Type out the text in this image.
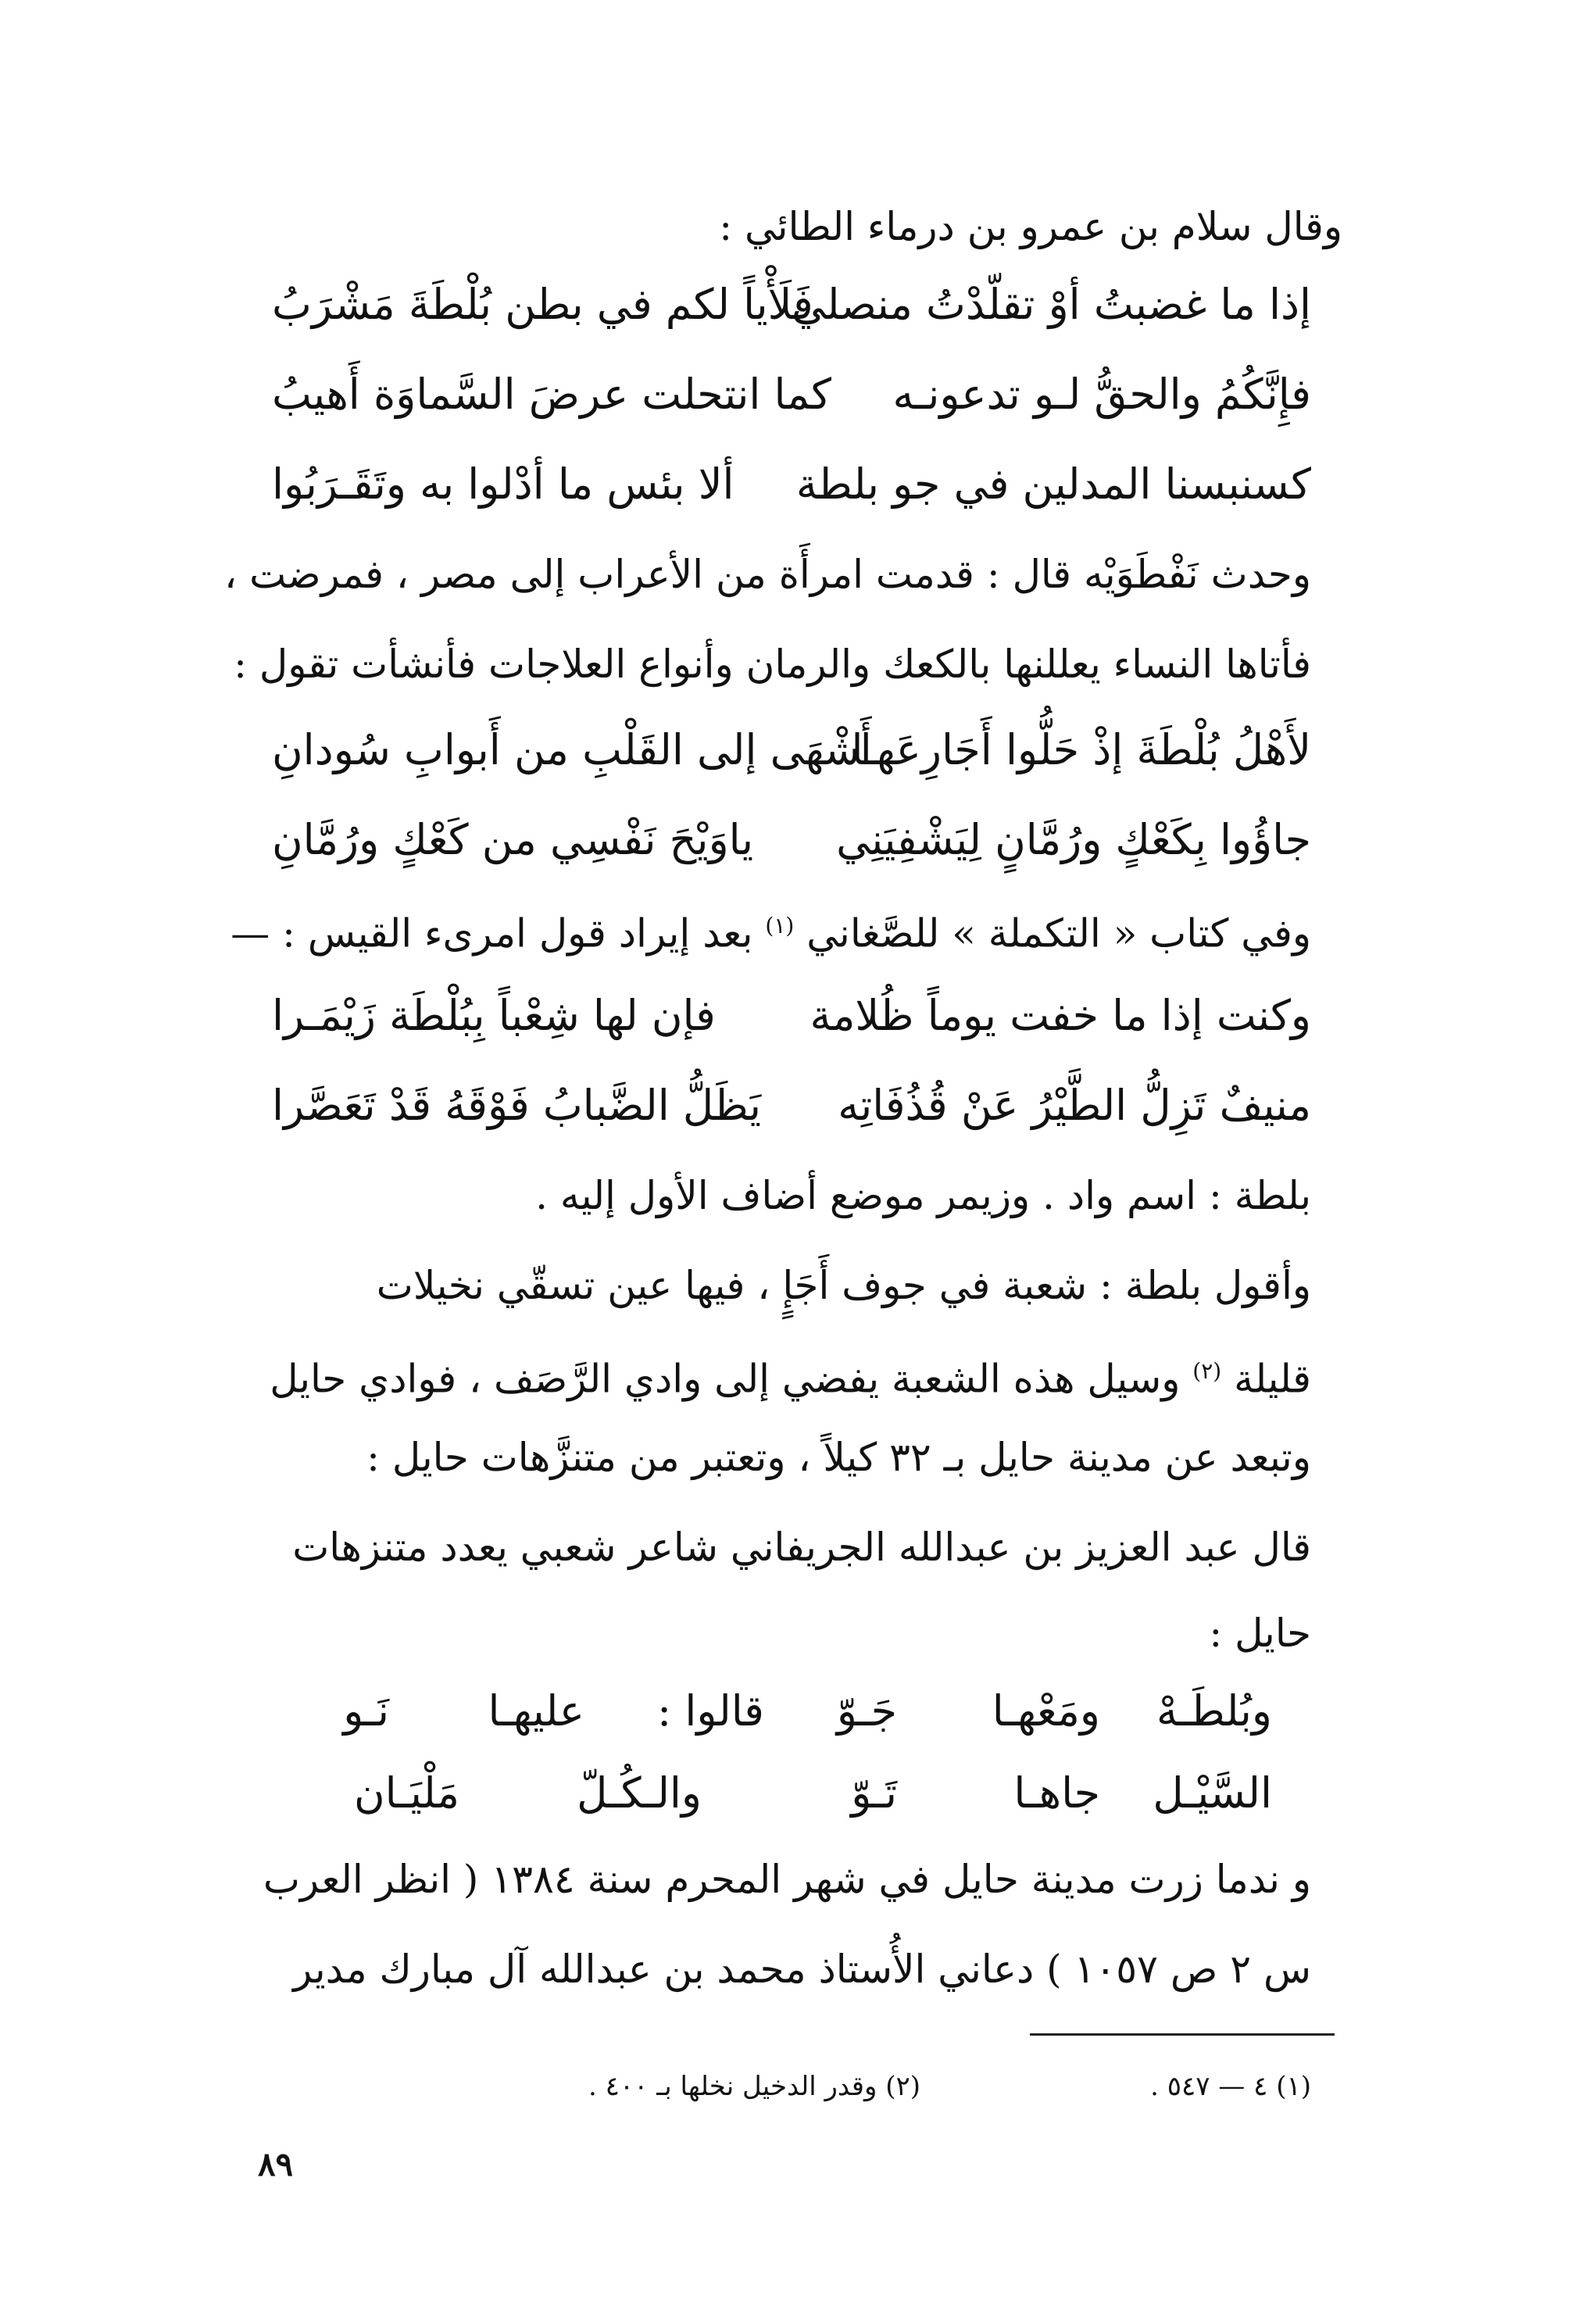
وقال سلام بن عمرو بن درماء الطائي :
إذا ما غضبتُ أوْ تقلّدْتُ منصلي
فَلَأْياً لكم في بطن بُلْطَةَ مَشْرَبُ
فإِنَّكُمُ والحقُّ لـو تدعونـه
كما انتحلت عرضَ السَّماوَة أَهيبُ
كسنبسنا المدلين في جو بلطة
ألا بئس ما أدْلوا به وتَقَـرَبُوا
وحدث نَفْطَوَيْه قال : قدمت امرأَة من الأعراب إلى مصر ، فمرضت ،
فأتاها النساء يعللنها بالكعك والرمان وأنواع العلاجات فأنشأت تقول :
لأَهْلُ بُلْطَةَ إذْ حَلُّوا أَجَارِعَهـا
أَشْهَى إلى القَلْبِ من أَبوابِ سُودانِ
جاؤُوا بِكَعْكٍ ورُمَّانٍ لِيَشْفِيَنِي
ياوَيْحَ نَفْسِي من كَعْكٍ ورُمَّانِ
وفي كتاب « التكملة » للصَّغاني $^{(١)}$ بعد إيراد قول امرىء القيس : —
وكنت إذا ما خفت يوماً ظُلامة
فإن لها شِعْباً بِبُلْطَة زَيْمَـرا
منيفٌ تَزِلُّ الطَّيْرُ عَنْ قُذُفَاتِه
يَظَلُّ الضَّبابُ فَوْقَهُ قَدْ تَعَصَّرا
بلطة : اسم واد . وزيمر موضع أضاف الأول إليه .
وأقول بلطة : شعبة في جوف أَجَإٍ ، فيها عين تسقّي نخيلات
قليلة $^{(٢)}$ وسيل هذه الشعبة يفضي إلى وادي الرَّصَف ، فوادي حايل
وتبعد عن مدينة حايل بـ ٣٢ كيلاً ، وتعتبر من متنزَّهات حايل :
قال عبد العزيز بن عبدالله الجريفاني شاعر شعبي يعدد متنزهات
حايل :
وبُلطَـهْ
ومَعْهـا
جَـوّ
قالوا :
عليهـا
نَـو
السَّيْـل
جاهـا
تَـوّ
والـكُـلّ
مَلْيَـان
و ندما زرت مدينة حايل في شهر المحرم سنة ١٣٨٤ ( انظر العرب
س ٢ ص ١٠٥٧ ) دعاني الأُستاذ محمد بن عبدالله آل مبارك مدير
(١) ٤ — ٥٤٧ .
(٢) وقدر الدخيل نخلها بـ ٤٠٠ .
٨٩
